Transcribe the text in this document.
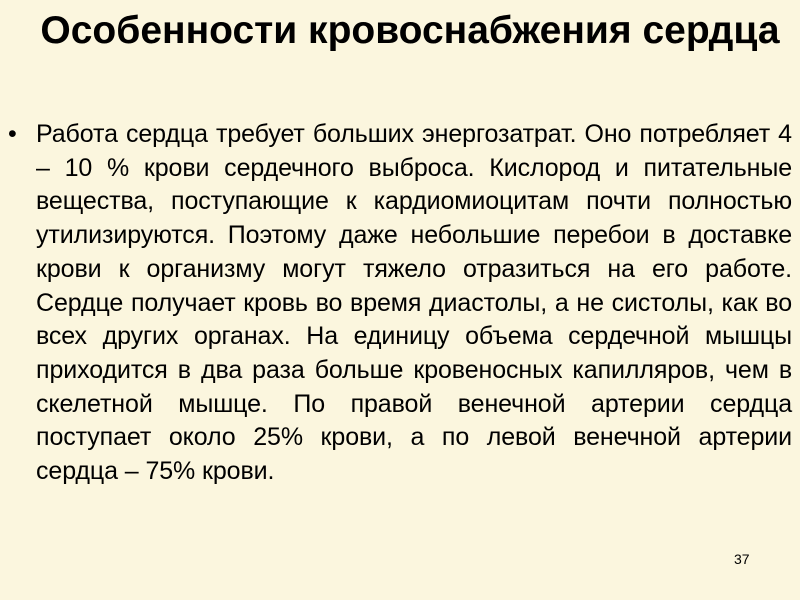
Особенности кровоснабжения сердца
• Работа сердца требует больших энергозатрат. Оно потребляет 4 – 10 % крови сердечного выброса. Кислород и питательные вещества, поступающие к кардиомиоцитам почти полностью утилизируются. Поэтому даже небольшие перебои в доставке крови к организму могут тяжело отразиться на его работе. Сердце получает кровь во время диастолы, а не систолы, как во всех других органах. На единицу объема сердечной мышцы приходится в два раза больше кровеносных капилляров, чем в скелетной мышце. По правой венечной артерии сердца поступает около 25% крови, а по левой венечной артерии сердца – 75% крови.
37
